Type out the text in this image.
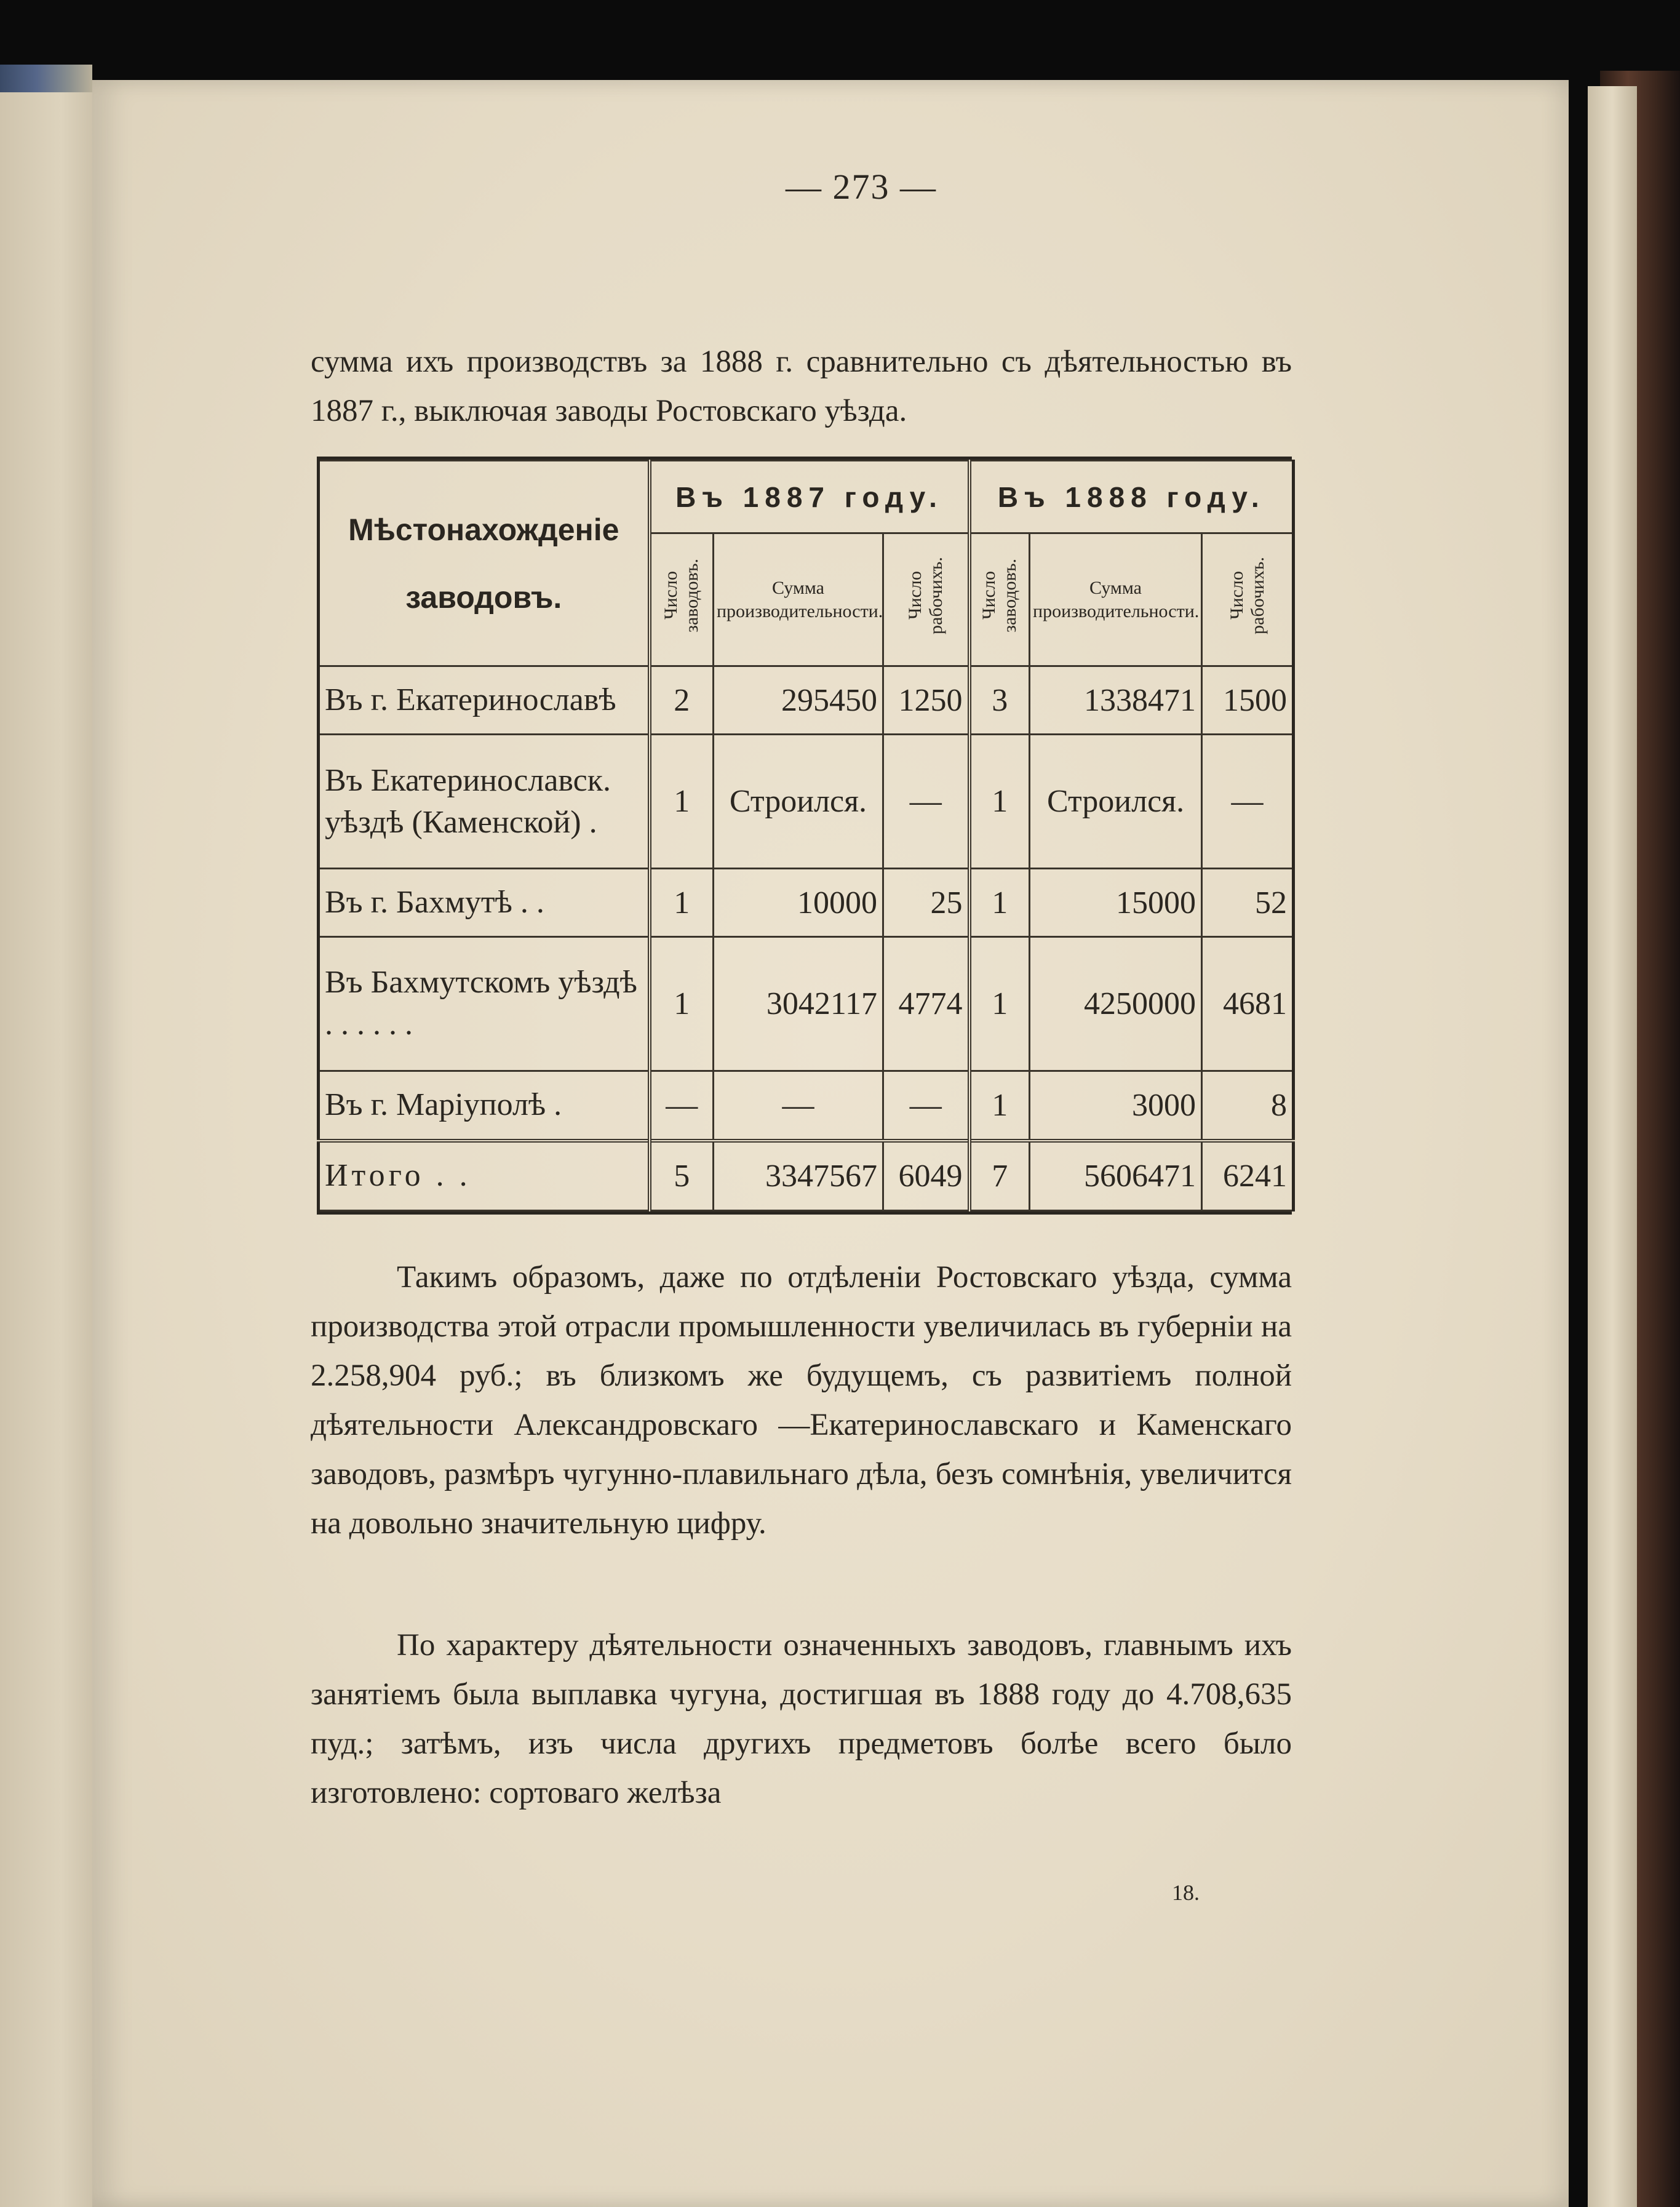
— 273 —

сумма ихъ производствъ за 1888 г. сравнительно съ дѣятельностью въ 1887 г., выключая заводы Ростовскаго уѣзда.

Мѣстонахожденіе заводовъ.	Въ 1887 году.			Въ 1888 году.		
	Число заводовъ.	Сумма производительности.	Число рабочихъ.	Число заводовъ.	Сумма производительности.	Число рабочихъ.
Въ г. Екатеринославѣ	2	295450	1250	3	1338471	1500
Въ Екатеринославск. уѣздѣ (Каменской) .	1	Строился.	—	1	Строился.	—
Въ г. Бахмутѣ . .	1	10000	25	1	15000	52
Въ Бахмутскомъ уѣздѣ . . . . . .	1	3042117	4774	1	4250000	4681
Въ г. Маріуполѣ .	—	—	—	1	3000	8
Итого . .	5	3347567	6049	7	5606471	6241

Такимъ образомъ, даже по отдѣленіи Ростовскаго уѣзда, сумма производства этой отрасли промышленности увеличилась въ губерніи на 2.258,904 руб.; въ близкомъ же будущемъ, съ развитіемъ полной дѣятельности Александровскаго —Екатеринославскаго и Каменскаго заводовъ, размѣръ чугунно-плавильнаго дѣла, безъ сомнѣнія, увеличится на довольно значительную цифру.

По характеру дѣятельности означенныхъ заводовъ, главнымъ ихъ занятіемъ была выплавка чугуна, достигшая въ 1888 году до 4.708,635 пуд.; затѣмъ, изъ числа другихъ предметовъ болѣе всего было изготовлено: сортоваго желѣза

18.
